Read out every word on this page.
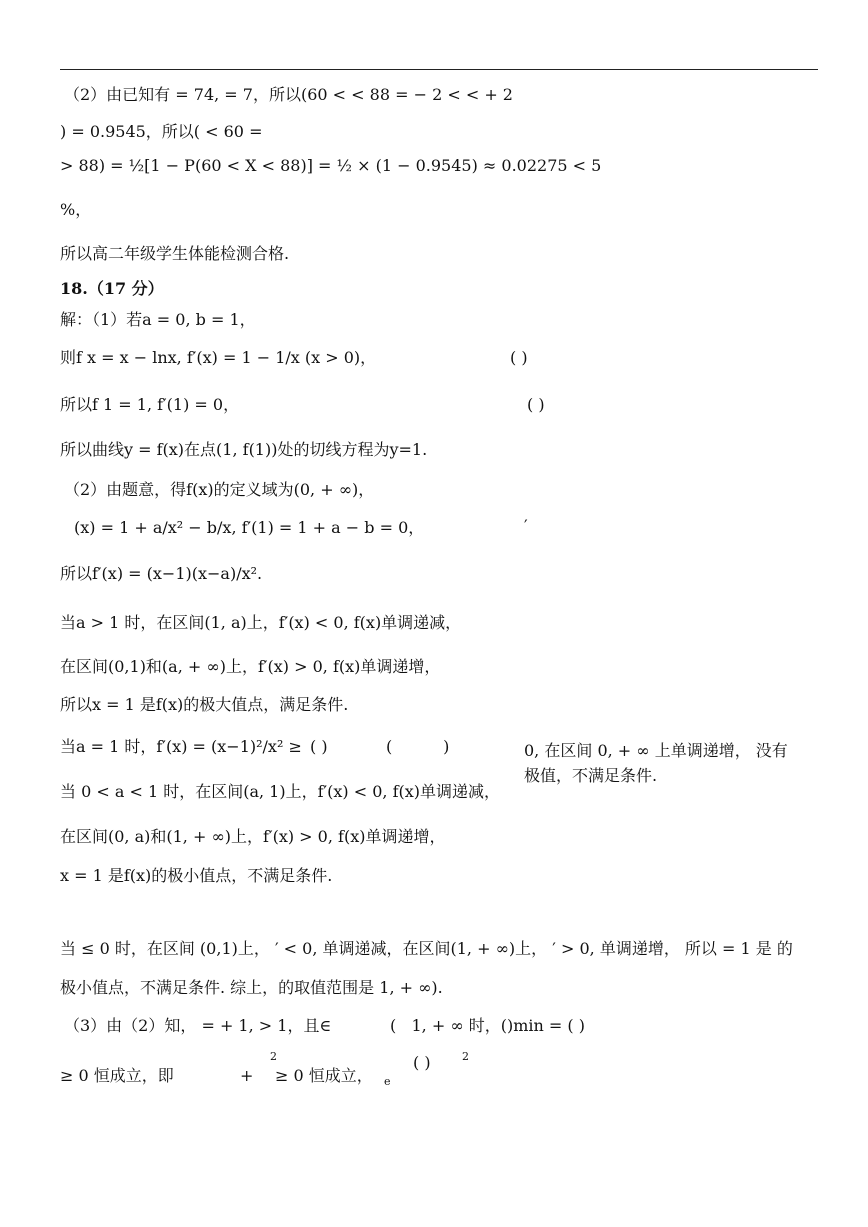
（2）由已知有 = 74, = 7，所以(60 < < 88 = − 2 < < + 2
) = 0.9545，所以( < 60 =
> 88) = ½[1 − P(60 < X < 88)] = ½ × (1 − 0.9545) ≈ 0.02275 < 5
%，
所以高二年级学生体能检测合格.
18.（17 分）
解：（1）若a = 0, b = 1，
则f x = x − lnx, f′(x) = 1 − 1/x (x > 0)，	( )
所以f 1 = 1, f′(1) = 0，	( )
所以曲线y = f(x)在点(1, f(1))处的切线方程为y=1.
（2）由题意，得f(x)的定义域为(0, + ∞)，
(x) = 1 + a/x² − b/x, f′(1) = 1 + a − b = 0，	′
所以f′(x) = (x−1)(x−a)/x².
当a > 1 时，在区间(1, a)上，f′(x) < 0, f(x)单调递减，
在区间(0,1)和(a, + ∞)上，f′(x) > 0, f(x)单调递增，
所以x = 1 是f(x)的极大值点，满足条件.
当a = 1 时，f′(x) = (x−1)²/x² ≥ ( )	(          )	0, 在区间 0, + ∞ 上单调递增， 没有
极值，不满足条件.
当 0 < a < 1 时，在区间(a, 1)上，f′(x) < 0, f(x)单调递减，
在区间(0, a)和(1, + ∞)上，f′(x) > 0, f(x)单调递增，
x = 1 是f(x)的极小值点，不满足条件.
当 ≤ 0 时，在区间 (0,1)上， ′ < 0, 单调递减，在区间(1, + ∞)上， ′ > 0, 单调递增， 所以 = 1 是 的
极小值点，不满足条件. 综上，的取值范围是 1, + ∞).
（3）由（2）知， = + 1, > 1，且∈	(   1, + ∞ 时，()min = ( )
2
≥ 0 恒成立，即	+ ≥ 0 恒成立， e
( )	2
